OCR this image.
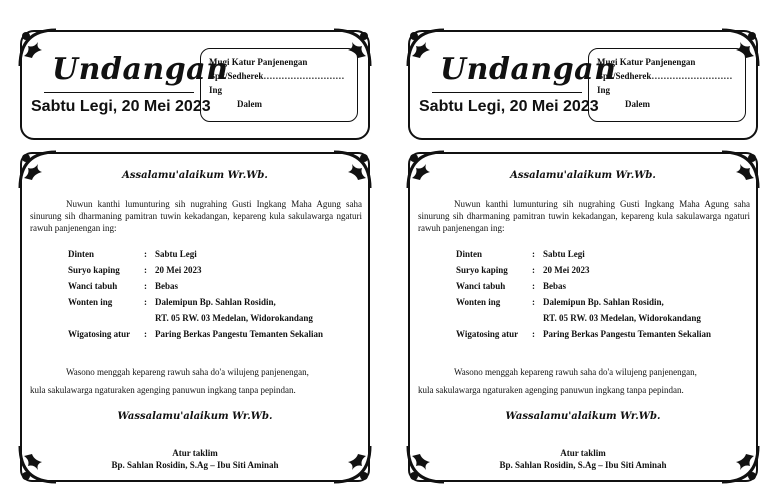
Undangan
Sabtu Legi, 20 Mei 2023
Mugi Katur Panjenengan
Bpk/Sedherek………………………
Ing
Dalem
Assalamu'alaikum Wr.Wb.
Nuwun kanthi lumunturing sih nugrahing Gusti Ingkang Maha Agung saha sinurung sih dharmaning pamitran tuwin kekadangan, kepareng kula sakulawarga ngaturi rawuh panjenengan ing:
Dinten	: Sabtu Legi
Suryo kaping	: 20 Mei 2023
Wanci tabuh	: Bebas
Wonten ing	: Dalemipun Bp. Sahlan Rosidin,
RT. 05 RW. 03 Medelan, Widorokandang
Wigatosing atur : Paring Berkas Pangestu Temanten Sekalian
Wasono menggah kepareng rawuh saha do'a wilujeng panjenengan,
kula sakulawarga ngaturaken agenging panuwun ingkang tanpa pepindan.
Wassalamu'alaikum Wr.Wb.
Atur taklim
Bp. Sahlan Rosidin, S.Ag – Ibu Siti Aminah
Undangan
Sabtu Legi, 20 Mei 2023
Mugi Katur Panjenengan
Bpk/Sedherek………………………
Ing
Dalem
Assalamu'alaikum Wr.Wb.
Nuwun kanthi lumunturing sih nugrahing Gusti Ingkang Maha Agung saha sinurung sih dharmaning pamitran tuwin kekadangan, kepareng kula sakulawarga ngaturi rawuh panjenengan ing:
Dinten	: Sabtu Legi
Suryo kaping	: 20 Mei 2023
Wanci tabuh	: Bebas
Wonten ing	: Dalemipun Bp. Sahlan Rosidin,
RT. 05 RW. 03 Medelan, Widorokandang
Wigatosing atur : Paring Berkas Pangestu Temanten Sekalian
Wasono menggah kepareng rawuh saha do'a wilujeng panjenengan,
kula sakulawarga ngaturaken agenging panuwun ingkang tanpa pepindan.
Wassalamu'alaikum Wr.Wb.
Atur taklim
Bp. Sahlan Rosidin, S.Ag – Ibu Siti Aminah
